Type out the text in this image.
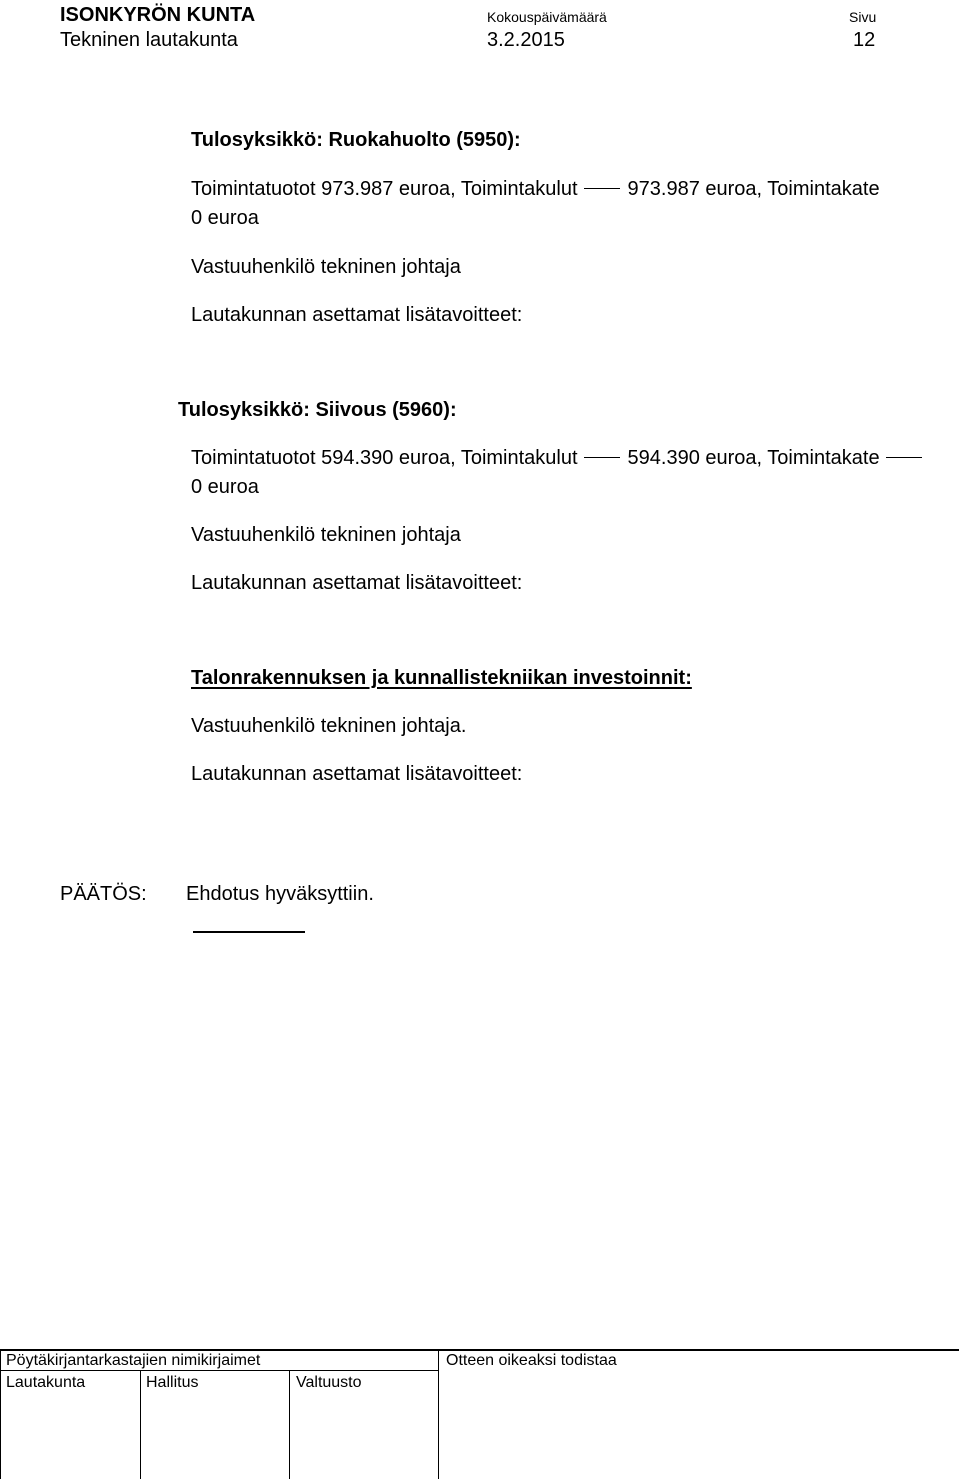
ISONKYRÖN KUNTA
Tekninen lautakunta
Kokouspäivämäärä
3.2.2015
Sivu
12
Tulosyksikkö: Ruokahuolto (5950):
Toimintatuotot 973.987 euroa, Toimintakulut	973.987 euroa, Toimintakate
0 euroa
Vastuuhenkilö tekninen johtaja
Lautakunnan asettamat lisätavoitteet:
Tulosyksikkö: Siivous (5960):
Toimintatuotot 594.390 euroa, Toimintakulut	594.390 euroa, Toimintakate
0 euroa
Vastuuhenkilö tekninen johtaja
Lautakunnan asettamat lisätavoitteet:
Talonrakennuksen ja kunnallistekniikan investoinnit:
Vastuuhenkilö tekninen johtaja.
Lautakunnan asettamat lisätavoitteet:
PÄÄTÖS: Ehdotus hyväksyttiin.
Pöytäkirjantarkastajien nimikirjaimet	Otteen oikeaksi todistaa
Lautakunta	Hallitus	Valtuusto
